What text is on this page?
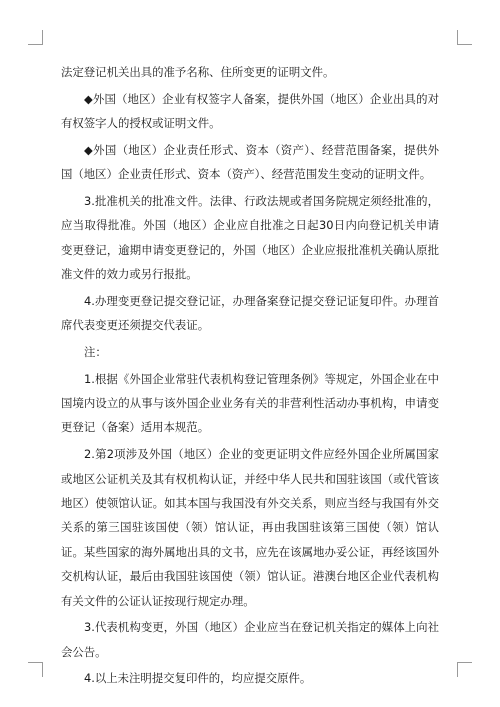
法定登记机关出具的准予名称、住所变更的证明文件。

◆外国（地区）企业有权签字人备案，提供外国（地区）企业出具的对有权签字人的授权或证明文件。

◆外国（地区）企业责任形式、资本（资产）、经营范围备案，提供外国（地区）企业责任形式、资本（资产）、经营范围发生变动的证明文件。

3.批准机关的批准文件。法律、行政法规或者国务院规定须经批准的，应当取得批准。外国（地区）企业应自批准之日起30日内向登记机关申请变更登记，逾期申请变更登记的，外国（地区）企业应报批准机关确认原批准文件的效力或另行报批。

4.办理变更登记提交登记证，办理备案登记提交登记证复印件。办理首席代表变更还须提交代表证。

注：

1.根据《外国企业常驻代表机构登记管理条例》等规定，外国企业在中国境内设立的从事与该外国企业业务有关的非营利性活动办事机构，申请变更登记（备案）适用本规范。

2.第2项涉及外国（地区）企业的变更证明文件应经外国企业所属国家或地区公证机关及其有权机构认证，并经中华人民共和国驻该国（或代管该地区）使领馆认证。如其本国与我国没有外交关系，则应当经与我国有外交关系的第三国驻该国使（领）馆认证，再由我国驻该第三国使（领）馆认证。某些国家的海外属地出具的文书，应先在该属地办妥公证，再经该国外交机构认证，最后由我国驻该国使（领）馆认证。港澳台地区企业代表机构有关文件的公证认证按现行规定办理。

3.代表机构变更，外国（地区）企业应当在登记机关指定的媒体上向社会公告。

4.以上未注明提交复印件的，均应提交原件。
